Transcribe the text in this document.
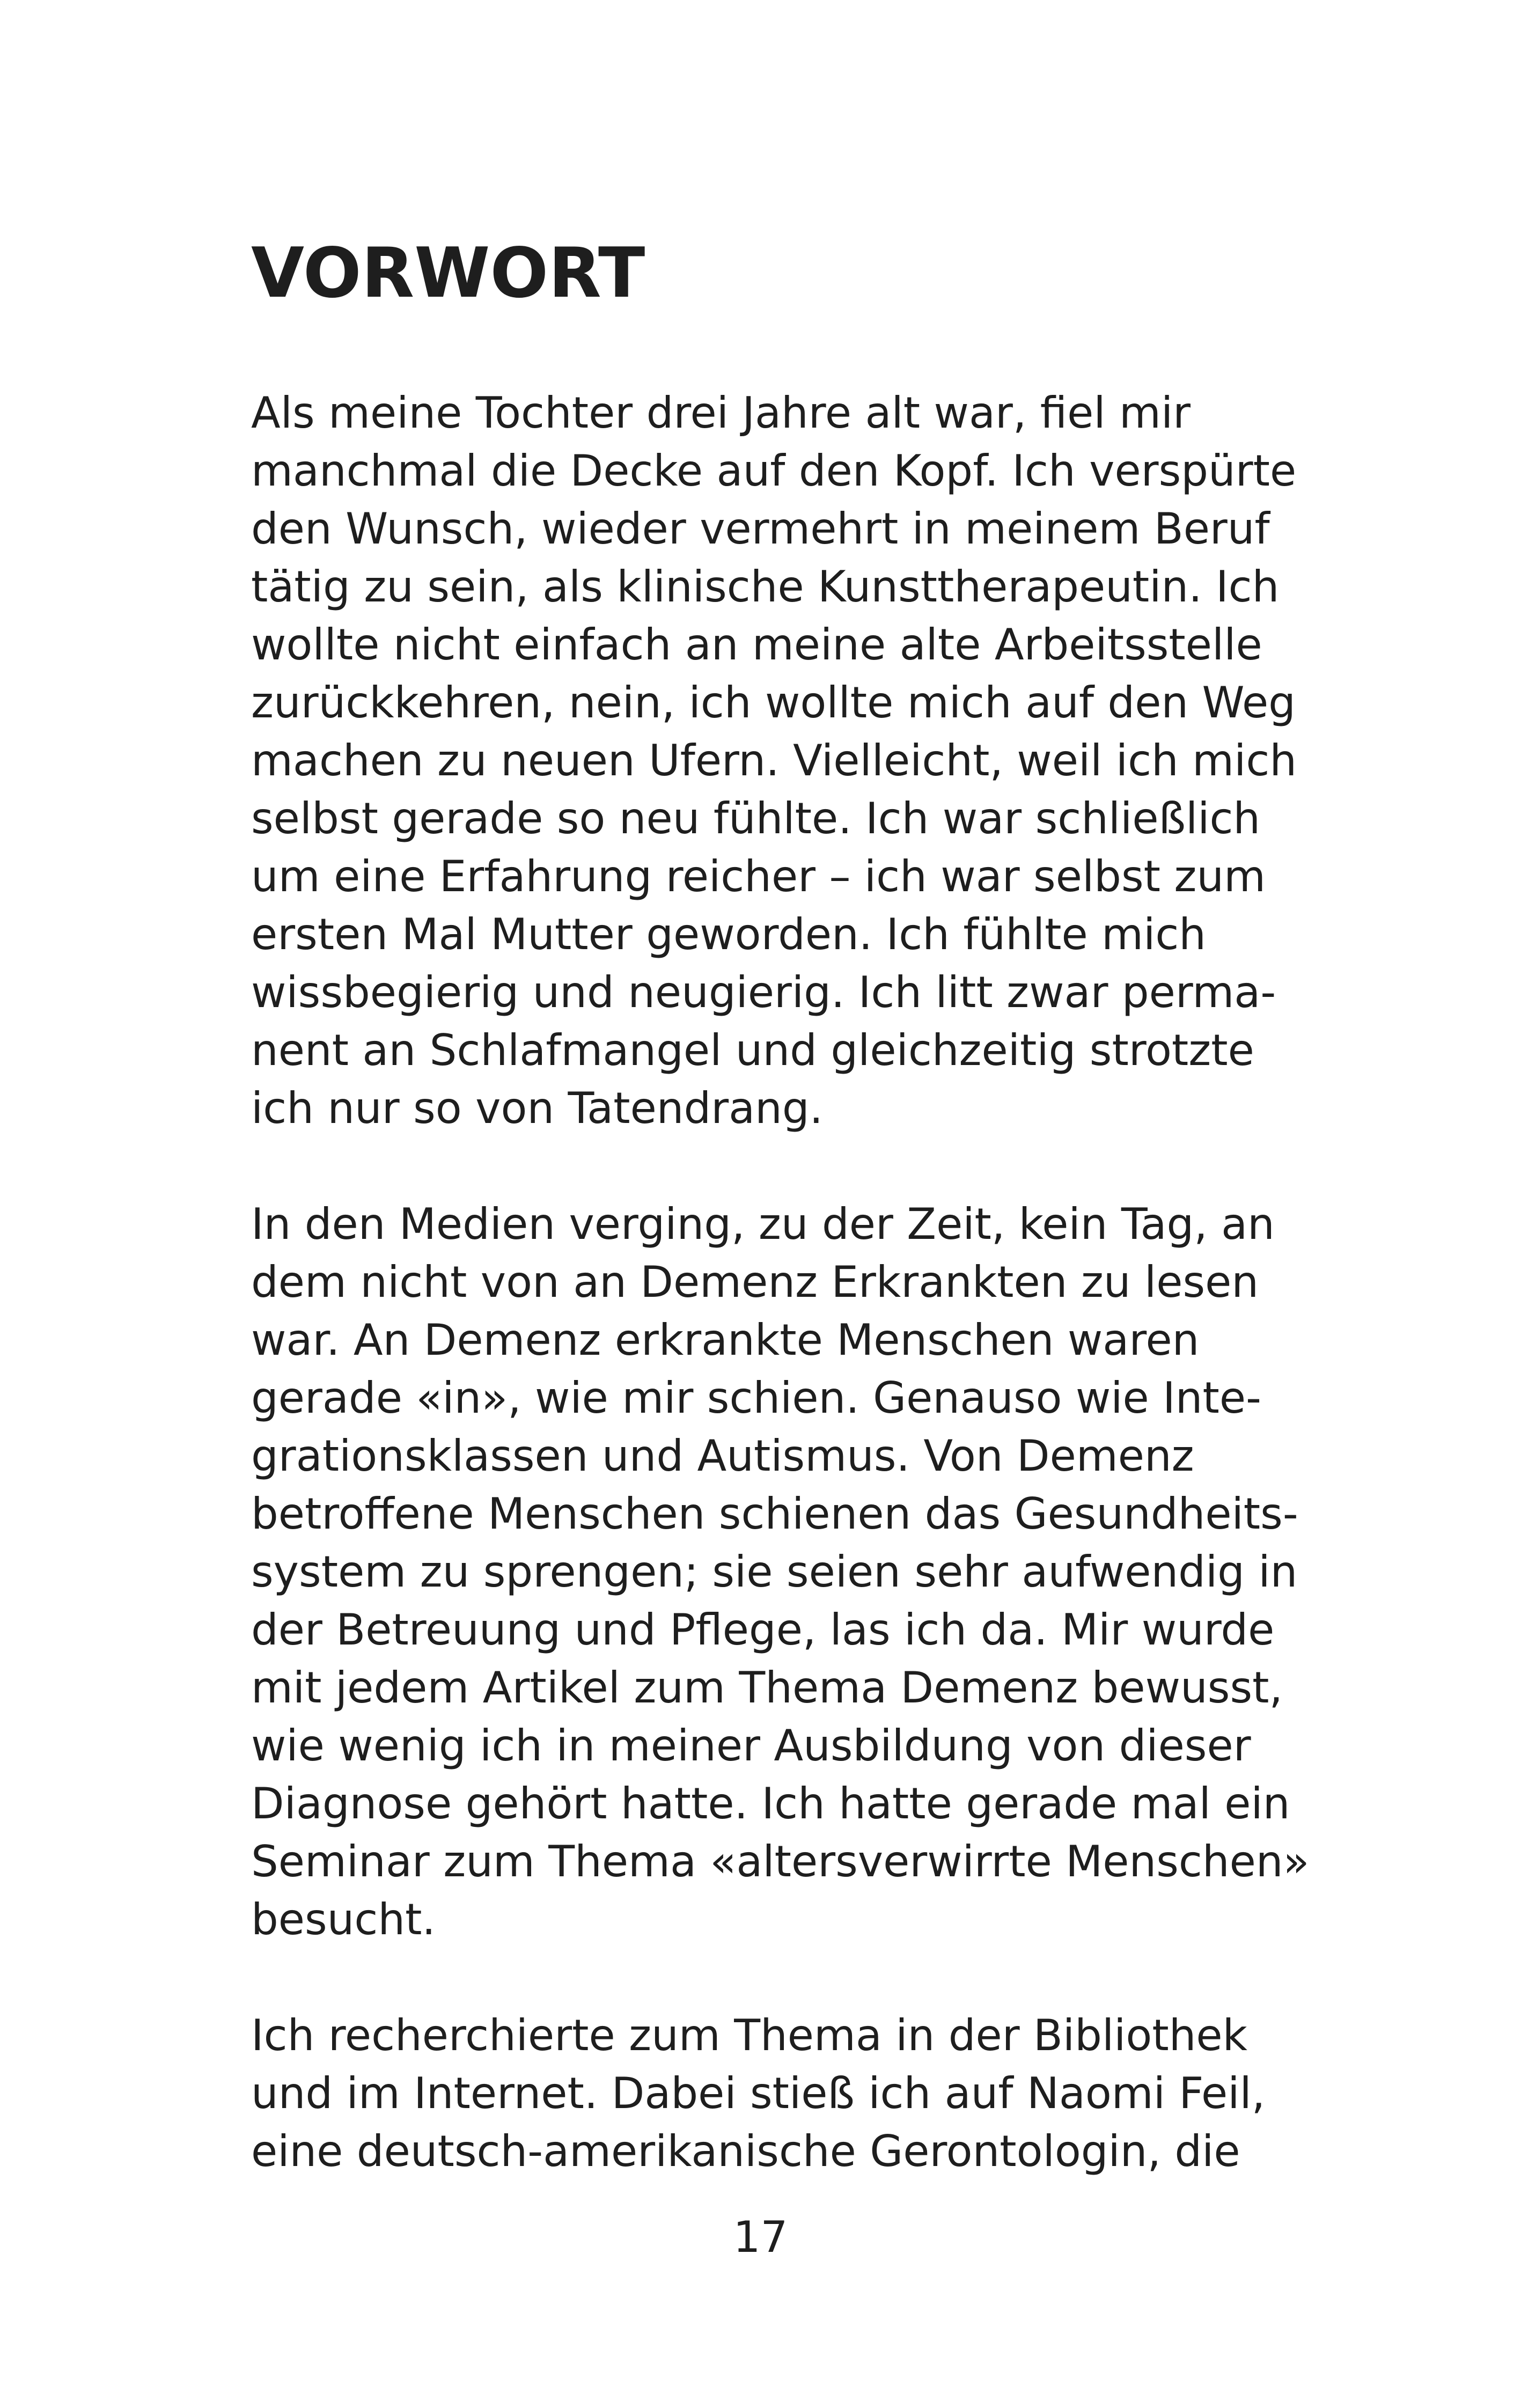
VORWORT

Als meine Tochter drei Jahre alt war, fiel mir
manchmal die Decke auf den Kopf. Ich verspürte
den Wunsch, wieder vermehrt in meinem Beruf
tätig zu sein, als klinische Kunsttherapeutin. Ich
wollte nicht einfach an meine alte Arbeitsstelle
zurückkehren, nein, ich wollte mich auf den Weg
machen zu neuen Ufern. Vielleicht, weil ich mich
selbst gerade so neu fühlte. Ich war schließlich
um eine Erfahrung reicher – ich war selbst zum
ersten Mal Mutter geworden. Ich fühlte mich
wissbegierig und neugierig. Ich litt zwar perma-
nent an Schlafmangel und gleichzeitig strotzte
ich nur so von Tatendrang.

In den Medien verging, zu der Zeit, kein Tag, an
dem nicht von an Demenz Erkrankten zu lesen
war. An Demenz erkrankte Menschen waren
gerade «in», wie mir schien. Genauso wie Inte-
grationsklassen und Autismus. Von Demenz
betroffene Menschen schienen das Gesundheits-
system zu sprengen; sie seien sehr aufwendig in
der Betreuung und Pflege, las ich da. Mir wurde
mit jedem Artikel zum Thema Demenz bewusst,
wie wenig ich in meiner Ausbildung von dieser
Diagnose gehört hatte. Ich hatte gerade mal ein
Seminar zum Thema «altersverwirrte Menschen»
besucht.

Ich recherchierte zum Thema in der Bibliothek
und im Internet. Dabei stieß ich auf Naomi Feil,
eine deutsch-amerikanische Gerontologin, die

17
